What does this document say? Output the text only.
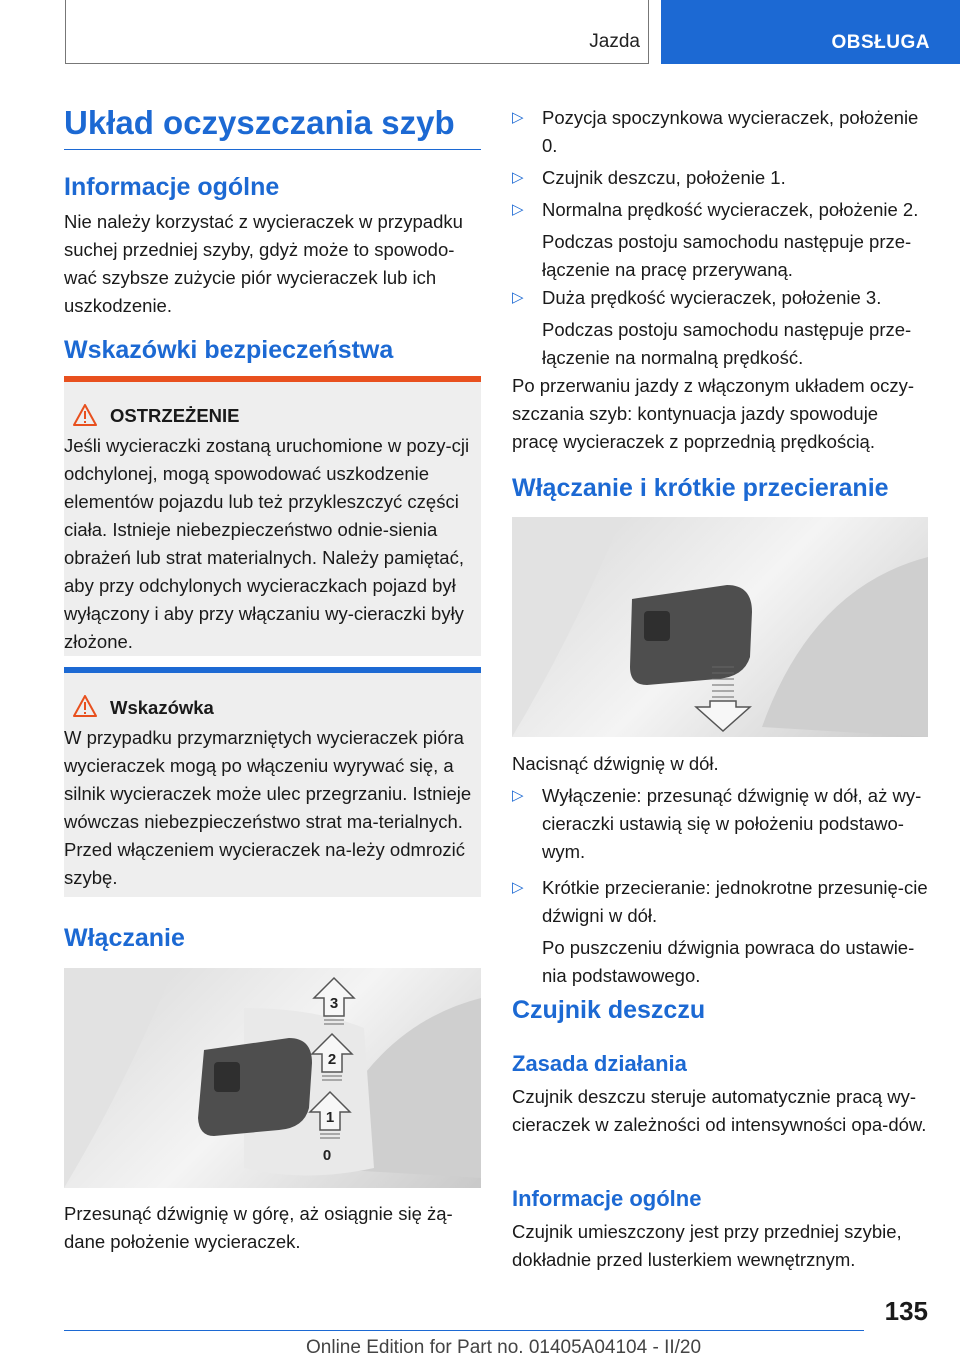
Jazda	OBSŁUGA
Układ oczyszczania szyb
Informacje ogólne

Nie należy korzystać z wycieraczek w przypadku suchej przedniej szyby, gdyż może to spowodo-wać szybsze zużycie piór wycieraczek lub ich uszkodzenie.

Wskazówki bezpieczeństwa
OSTRZEŻENIE

Jeśli wycieraczki zostaną uruchomione w pozy-cji odchylonej, mogą spowodować uszkodzenie elementów pojazdu lub też przykleszczyć części ciała. Istnieje niebezpieczeństwo odnie-sienia obrażeń lub strat materialnych. Należy pamiętać, aby przy odchylonych wycieraczkach pojazd był wyłączony i aby przy włączaniu wy-cieraczki były złożone.

Wskazówka

W przypadku przymarzniętych wycieraczek pióra wycieraczek mogą po włączeniu wyrywać się, a silnik wycieraczek może ulec przegrzaniu. Istnieje wówczas niebezpieczeństwo strat ma-terialnych. Przed włączeniem wycieraczek na-leży odmrozić szybę.

Włączanie
3
2
1
0

Przesunąć dźwignię w górę, aż osiągnie się żą-dane położenie wycieraczek.

▷ Pozycja spoczynkowa wycieraczek, położenie 0.

▷ Czujnik deszczu, położenie 1.

▷ Normalna prędkość wycieraczek, położenie 2.

Podczas postoju samochodu następuje prze-łączenie na pracę przerywaną.

▷ Duża prędkość wycieraczek, położenie 3.

Podczas postoju samochodu następuje prze-łączenie na normalną prędkość.

Po przerwaniu jazdy z włączonym układem oczy-szczania szyb: kontynuacja jazdy spowoduje pracę wycieraczek z poprzednią prędkością.

Włączanie i krótkie przecieranie

Nacisnąć dźwignię w dół.

▷ Wyłączenie: przesunąć dźwignię w dół, aż wy-cieraczki ustawią się w położeniu podstawo-wym.

▷ Krótkie przecieranie: jednokrotne przesunię-cie dźwigni w dół.

Po puszczeniu dźwignia powraca do ustawie-nia podstawowego.

Czujnik deszczu
Zasada działania

Czujnik deszczu steruje automatycznie pracą wy-cieraczek w zależności od intensywności opa-dów.

Informacje ogólne

Czujnik umieszczony jest przy przedniej szybie, dokładnie przed lusterkiem wewnętrznym.

135
Online Edition for Part no. 01405A04104 - II/20
